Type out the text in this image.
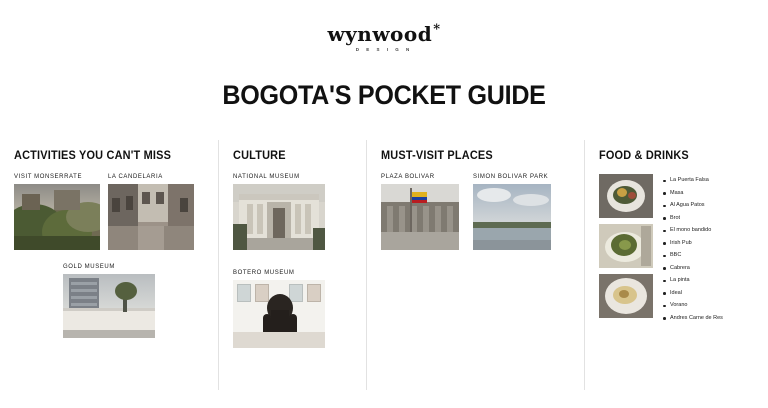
wynwood*
D E S I G N
BOGOTA'S POCKET GUIDE
ACTIVITIES YOU CAN'T MISS
VISIT MONSERRATE	LA CANDELARIA
GOLD MUSEUM
CULTURE
NATIONAL MUSEUM
BOTERO MUSEUM
MUST-VISIT PLACES
PLAZA BOLIVAR	SIMON BOLIVAR PARK
FOOD & DRINKS
La Puerta Falsa
Masa
Al Agua Patos
Brot
El mono bandido
Irish Pub
BBC
Cabrera
La pinta
Ideal
Vorano
Andres Carne de Res
